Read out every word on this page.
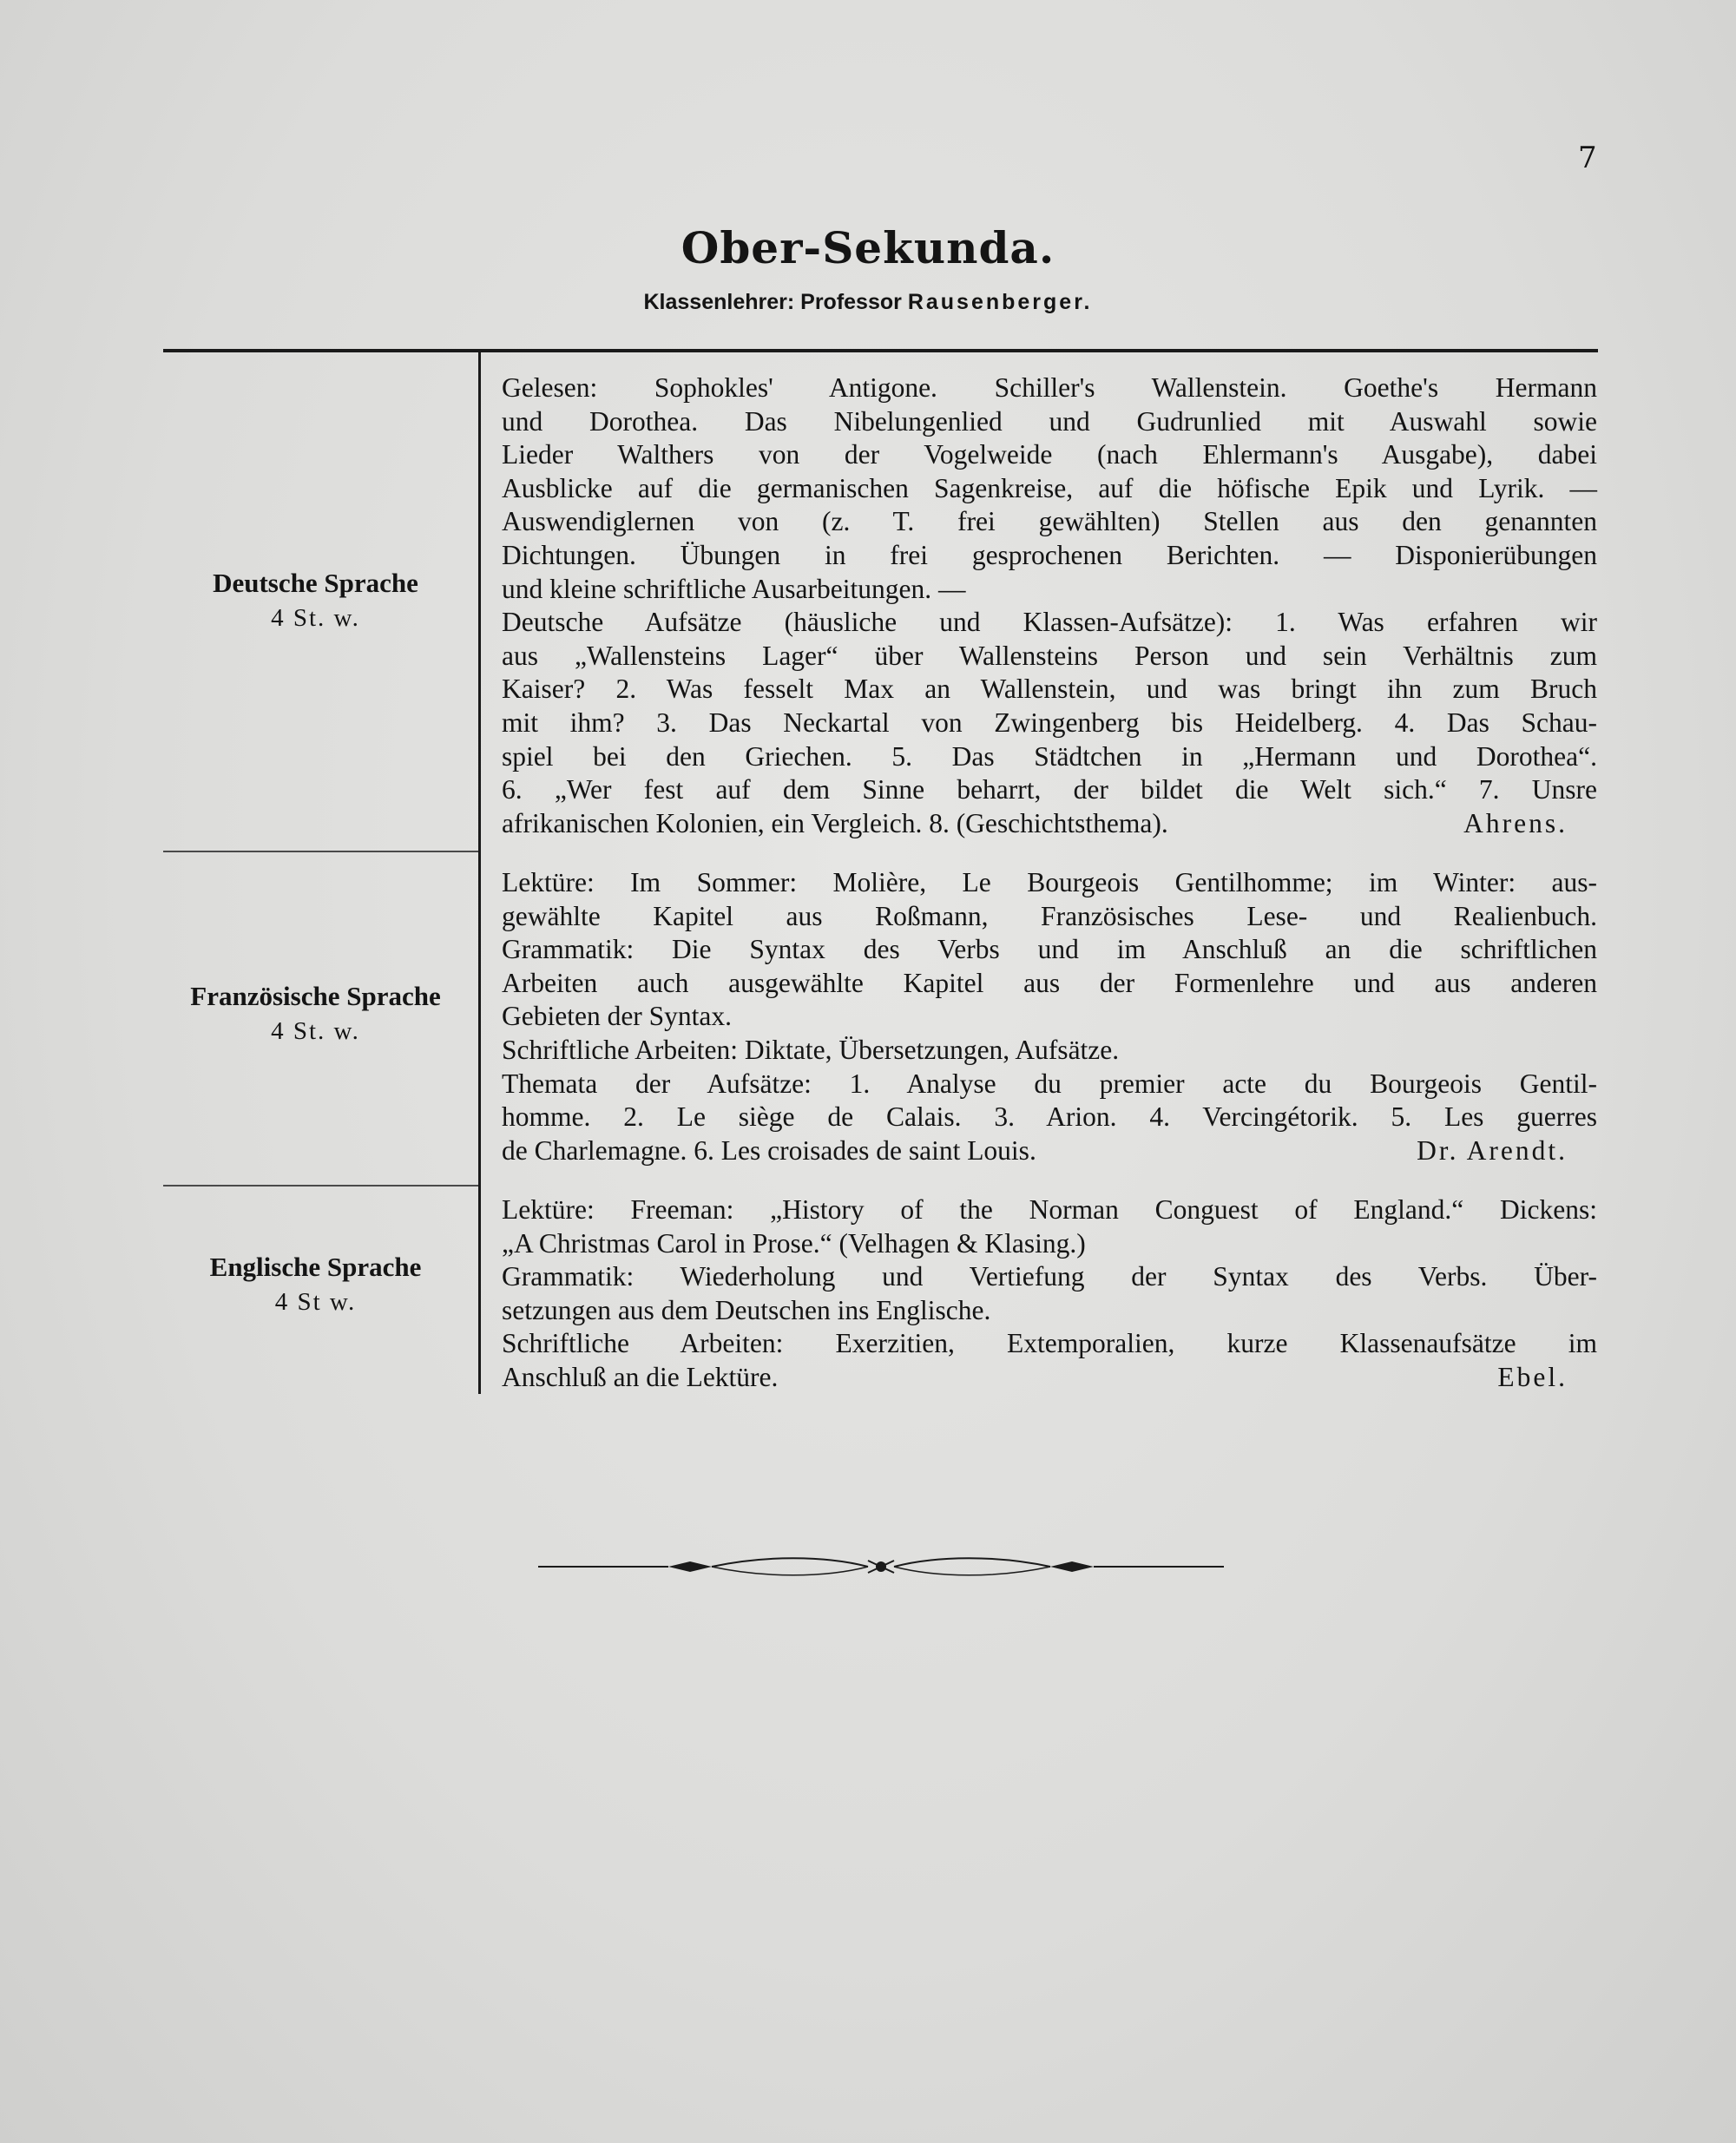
7
Ober-Sekunda.
Klassenlehrer: Professor Rausenberger.
Deutsche Sprache
4 St. w.

Gelesen: Sophokles' Antigone. Schiller's Wallenstein. Goethe's Hermann

und Dorothea. Das Nibelungenlied und Gudrunlied mit Auswahl sowie

Lieder Walthers von der Vogelweide (nach Ehlermann's Ausgabe), dabei

Ausblicke auf die germanischen Sagenkreise, auf die höfische Epik und Lyrik. —

Auswendiglernen von (z. T. frei gewählten) Stellen aus den genannten

Dichtungen. Übungen in frei gesprochenen Berichten. — Disponierübungen

und kleine schriftliche Ausarbeitungen. —

Deutsche Aufsätze (häusliche und Klassen-Aufsätze): 1. Was erfahren wir

aus „Wallensteins Lager“ über Wallensteins Person und sein Verhältnis zum

Kaiser? 2. Was fesselt Max an Wallenstein, und was bringt ihn zum Bruch

mit ihm? 3. Das Neckartal von Zwingenberg bis Heidelberg. 4. Das Schau-

spiel bei den Griechen. 5. Das Städtchen in „Hermann und Dorothea“.

6. „Wer fest auf dem Sinne beharrt, der bildet die Welt sich.“ 7. Unsre

afrikanischen Kolonien, ein Vergleich. 8. (Geschichtsthema).	Ahrens.
Französische Sprache
4 St. w.

Lektüre: Im Sommer: Molière, Le Bourgeois Gentilhomme; im Winter: aus-

gewählte Kapitel aus Roßmann, Französisches Lese- und Realienbuch.

Grammatik: Die Syntax des Verbs und im Anschluß an die schriftlichen

Arbeiten auch ausgewählte Kapitel aus der Formenlehre und aus anderen

Gebieten der Syntax.

Schriftliche Arbeiten: Diktate, Übersetzungen, Aufsätze.

Themata der Aufsätze: 1. Analyse du premier acte du Bourgeois Gentil-

homme. 2. Le siège de Calais. 3. Arion. 4. Vercingétorik. 5. Les guerres

de Charlemagne. 6. Les croisades de saint Louis.	Dr. Arendt.
Englische Sprache
4 St w.

Lektüre: Freeman: „History of the Norman Conguest of England.“ Dickens:

„A Christmas Carol in Prose.“ (Velhagen & Klasing.)

Grammatik: Wiederholung und Vertiefung der Syntax des Verbs. Über-

setzungen aus dem Deutschen ins Englische.

Schriftliche Arbeiten: Exerzitien, Extemporalien, kurze Klassenaufsätze im

Anschluß an die Lektüre.	Ebel.
